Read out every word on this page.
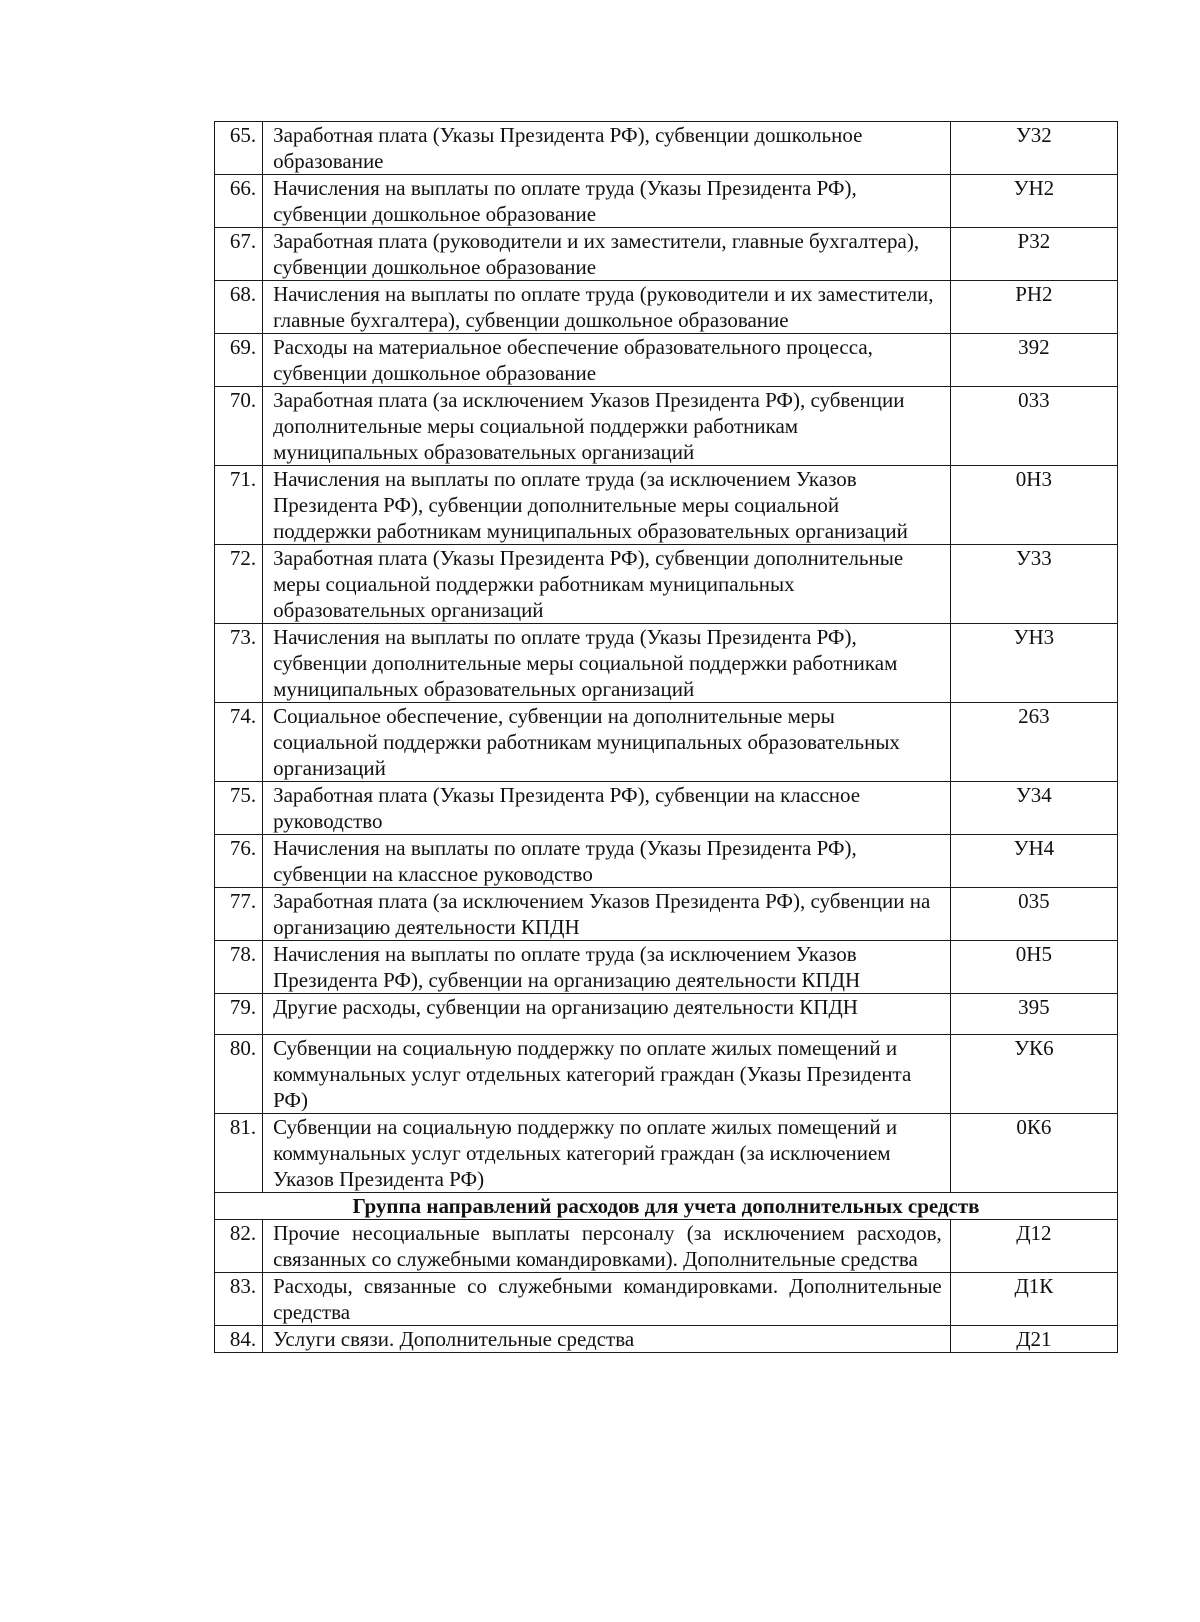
65.	Заработная плата (Указы Президента РФ), субвенции дошкольное образование	У32
66.	Начисления на выплаты по оплате труда (Указы Президента РФ), субвенции дошкольное образование	УН2
67.	Заработная плата (руководители и их заместители, главные бухгалтера), субвенции дошкольное образование	Р32
68.	Начисления на выплаты по оплате труда (руководители и их заместители, главные бухгалтера), субвенции дошкольное образование	РН2
69.	Расходы на материальное обеспечение образовательного процесса, субвенции дошкольное образование	392
70.	Заработная плата (за исключением Указов Президента РФ), субвенции дополнительные меры социальной поддержки работникам муниципальных образовательных организаций	033
71.	Начисления на выплаты по оплате труда (за исключением Указов Президента РФ), субвенции дополнительные меры социальной поддержки работникам муниципальных образовательных организаций	0Н3
72.	Заработная плата (Указы Президента РФ), субвенции дополнительные меры социальной поддержки работникам муниципальных образовательных организаций	У33
73.	Начисления на выплаты по оплате труда (Указы Президента РФ), субвенции дополнительные меры социальной поддержки работникам муниципальных образовательных организаций	УН3
74.	Социальное обеспечение, субвенции на дополнительные меры социальной поддержки работникам муниципальных образовательных организаций	263
75.	Заработная плата (Указы Президента РФ), субвенции на классное руководство	У34
76.	Начисления на выплаты по оплате труда (Указы Президента РФ), субвенции на классное руководство	УН4
77.	Заработная плата (за исключением Указов Президента РФ), субвенции на организацию деятельности КПДН	035
78.	Начисления на выплаты по оплате труда (за исключением Указов Президента РФ), субвенции на организацию деятельности КПДН	0Н5
79.	Другие расходы, субвенции на организацию деятельности КПДН	395
80.	Субвенции на социальную поддержку по оплате жилых помещений и коммунальных услуг отдельных категорий граждан (Указы Президента РФ)	УК6
81.	Субвенции на социальную поддержку по оплате жилых помещений и коммунальных услуг отдельных категорий граждан (за исключением Указов Президента РФ)	0К6
Группа направлений расходов для учета дополнительных средств		
82.	Прочие несоциальные выплаты персоналу (за исключением расходов, связанных со служебными командировками). Дополнительные средства	Д12
83.	Расходы, связанные со служебными командировками. Дополнительные средства	Д1К
84.	Услуги связи. Дополнительные средства	Д21
